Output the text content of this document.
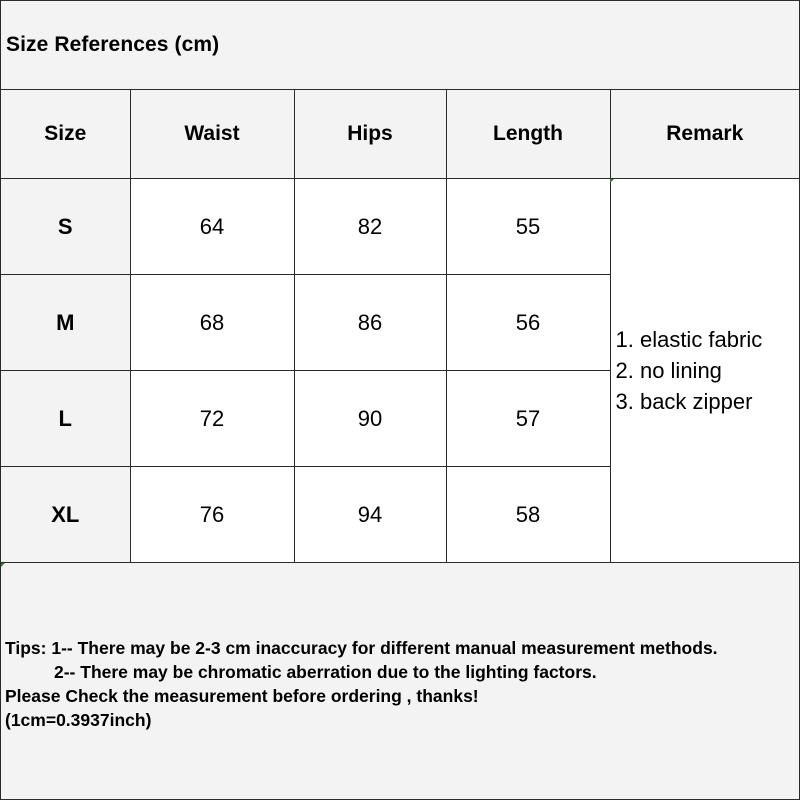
Size References (cm)
Size	Waist	Hips	Length	Remark
S	64	82	55	1. elastic fabric
2. no lining
3. back zipper

M	68	86	56	
L	72	90	57	
XL	76	94	58	
Tips: 1-- There may be 2-3 cm inaccuracy for different manual measurement methods.
2-- There may be chromatic aberration due to the lighting factors.
Please Check the measurement before ordering , thanks!
(1cm=0.3937inch)
